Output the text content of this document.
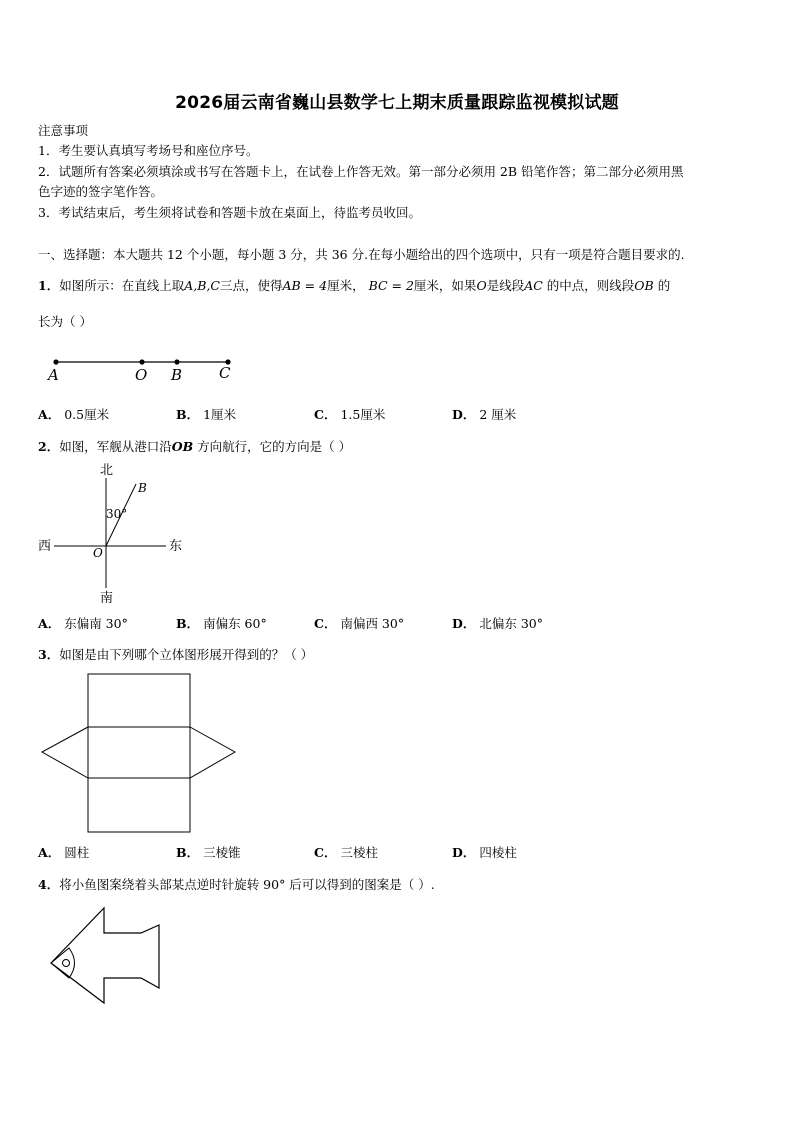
2026届云南省巍山县数学七上期末质量跟踪监视模拟试题
注意事项
1．考生要认真填写考场号和座位序号。
2．试题所有答案必须填涂或书写在答题卡上，在试卷上作答无效。第一部分必须用 2B 铅笔作答；第二部分必须用黑
色字迹的签字笔作答。
3．考试结束后，考生须将试卷和答题卡放在桌面上，待监考员收回。
一、选择题：本大题共 12 个小题，每小题 3 分，共 36 分.在每小题给出的四个选项中，只有一项是符合题目要求的.
1．如图所示：在直线上取A,B,C三点，使得AB = 4厘米， BC = 2厘米，如果O是线段AC 的中点，则线段OB 的
长为（ ）
A	O B C
A． 0.5厘米	B． 1厘米	C． 1.5厘米	D． 2 厘米
2．如图，军舰从港口沿OB 方向航行，它的方向是（ ）
北
南
西	东
B
O
30°
A． 东偏南 30°	B． 南偏东 60°	C． 南偏西 30°	D． 北偏东 30°
3．如图是由下列哪个立体图形展开得到的？（ ）
A． 圆柱	B． 三棱锥	C． 三棱柱	D． 四棱柱
4．将小鱼图案绕着头部某点逆时针旋转 90° 后可以得到的图案是（ ）.
